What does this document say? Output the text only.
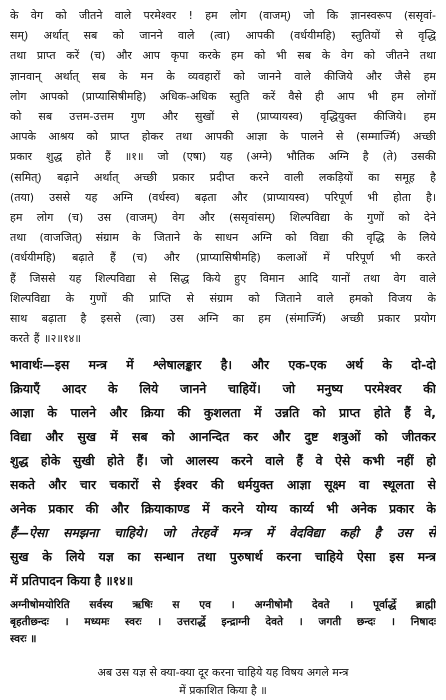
के वेग को जीतने वाले परमेश्वर ! हम लोग (वाजम्) जो कि ज्ञानस्वरूप (ससृवां-
सम्) अर्थात् सब को जानने वाले (त्वा) आपकी (वर्धयीमहि) स्तुतियों से वृद्धि
तथा प्राप्त करें (च) और आप कृपा करके हम को भी सब के वेग को जीतने तथा
ज्ञानवान् अर्थात् सब के मन के व्यवहारों को जानने वाले कीजिये और जैसे हम
लोग आपको (प्राप्यासिषीमहि) अधिक-अधिक स्तुति करें वैसे ही आप भी हम लोगों
को सब उत्तम-उत्तम गुण और सुखों से (प्राप्यायस्व) वृद्धियुक्त कीजिये। हम
आपके आश्रय को प्राप्त होकर तथा आपकी आज्ञा के पालने से (सम्मार्ज्मि) अच्छी
प्रकार शुद्ध होते हैं ॥१॥ जो (एषा) यह (अग्ने) भौतिक अग्नि है (ते) उसकी
(समित्) बढ़ाने अर्थात् अच्छी प्रकार प्रदीप्त करने वाली लकड़ियों का समूह है
(तया) उससे यह अग्नि (वर्धस्व) बढ़ता और (प्राप्यायस्व) परिपूर्ण भी होता है।
हम लोग (च) उस (वाजम्) वेग और (ससृवांसम्) शिल्पविद्या के गुणों को देने
तथा (वाजजित्) संग्राम के जिताने के साधन अग्नि को विद्या की वृद्धि के लिये
(वर्धयीमहि) बढ़ाते हैं (च) और (प्राप्यासिषीमहि) कलाओं में परिपूर्ण भी करते
हैं जिससे यह शिल्पविद्या से सिद्ध किये हुए विमान आदि यानों तथा वेग वाले
शिल्पविद्या के गुणों की प्राप्ति से संग्राम को जिताने वाले हमको विजय के
साथ बढ़ाता है इससे (त्वा) उस अग्नि का हम (संमार्ज्मि) अच्छी प्रकार प्रयोग
करते हैं ॥२॥१४॥
भावार्थः—इस मन्त्र में श्लेषालङ्कार है। और एक-एक अर्थ के दो-दो
क्रियाएँ आदर के लिये जानने चाहियें। जो मनुष्य परमेश्वर की
आज्ञा के पालने और क्रिया की कुशलता में उन्नति को प्राप्त होते हैं वे,
विद्या और सुख में सब को आनन्दित कर और दुष्ट शत्रुओं को जीतकर
शुद्ध होके सुखी होते हैं। जो आलस्य करने वाले हैं वे ऐसे कभी नहीं हो
सकते और चार चकारों से ईश्वर की धर्मयुक्त आज्ञा सूक्ष्म वा स्थूलता से
अनेक प्रकार की और क्रियाकाण्ड में करने योग्य कार्य्य भी अनेक प्रकार के
हैं—ऐसा समझना चाहिये। जो तेरहवें मन्त्र में वेदविद्या कही है उस से
सुख के लिये यज्ञ का सन्धान तथा पुरुषार्थ करना चाहिये ऐसा इस मन्त्र
में प्रतिपादन किया है ॥१४॥
अग्नीषोमयोरिति सर्वस्य ऋषिः स एव । अग्नीषोमौ देवते । पूर्वार्द्धे ब्राह्मी
बृहतीछन्दः । मध्यमः स्वरः । उत्तरार्द्धे इन्द्राग्नी देवते । जगती छन्दः । निषादः
स्वरः ॥
अब उस यज्ञ से क्या-क्या दूर करना चाहिये यह विषय अगले मन्त्र
में प्रकाशित किया है ॥
